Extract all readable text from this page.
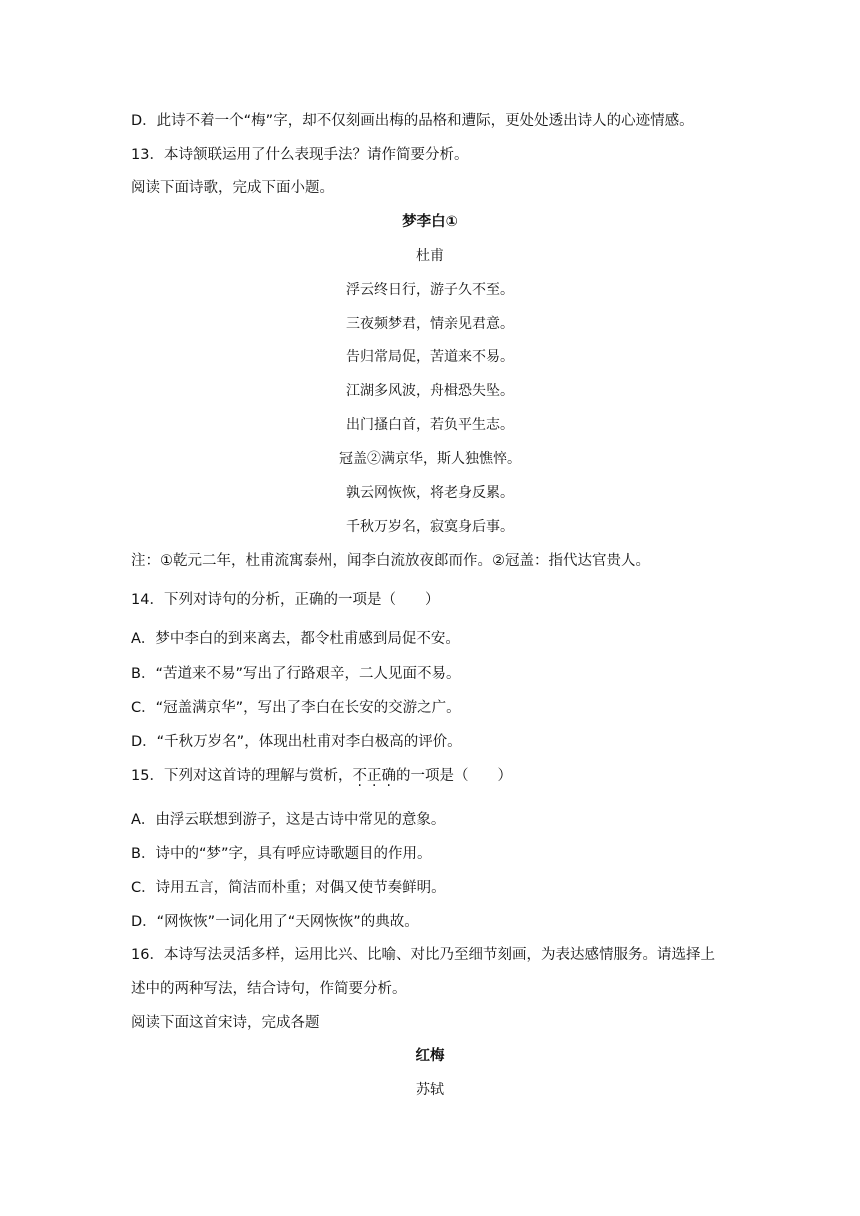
D．此诗不着一个“梅”字，却不仅刻画出梅的品格和遭际，更处处透出诗人的心迹情感。
13．本诗颔联运用了什么表现手法？请作简要分析。
阅读下面诗歌，完成下面小题。
梦李白①
杜甫
浮云终日行，游子久不至。
三夜频梦君，情亲见君意。
告归常局促，苦道来不易。
江湖多风波，舟楫恐失坠。
出门搔白首，若负平生志。
冠盖②满京华，斯人独憔悴。
孰云网恢恢，将老身反累。
千秋万岁名，寂寞身后事。
注：①乾元二年，杜甫流寓泰州，闻李白流放夜郎而作。②冠盖：指代达官贵人。
14．下列对诗句的分析，正确的一项是（　　）
A．梦中李白的到来离去，都令杜甫感到局促不安。
B．“苦道来不易”写出了行路艰辛，二人见面不易。
C．“冠盖满京华”，写出了李白在长安的交游之广。
D．“千秋万岁名”，体现出杜甫对李白极高的评价。
15．下列对这首诗的理解与赏析，不正确的一项是（　　）
A．由浮云联想到游子，这是古诗中常见的意象。
B．诗中的“梦”字，具有呼应诗歌题目的作用。
C．诗用五言，简洁而朴重；对偶又使节奏鲜明。
D．“网恢恢”一词化用了“天网恢恢”的典故。
16．本诗写法灵活多样，运用比兴、比喻、对比乃至细节刻画，为表达感情服务。请选择上
述中的两种写法，结合诗句，作简要分析。
阅读下面这首宋诗，完成各题
红梅
苏轼
